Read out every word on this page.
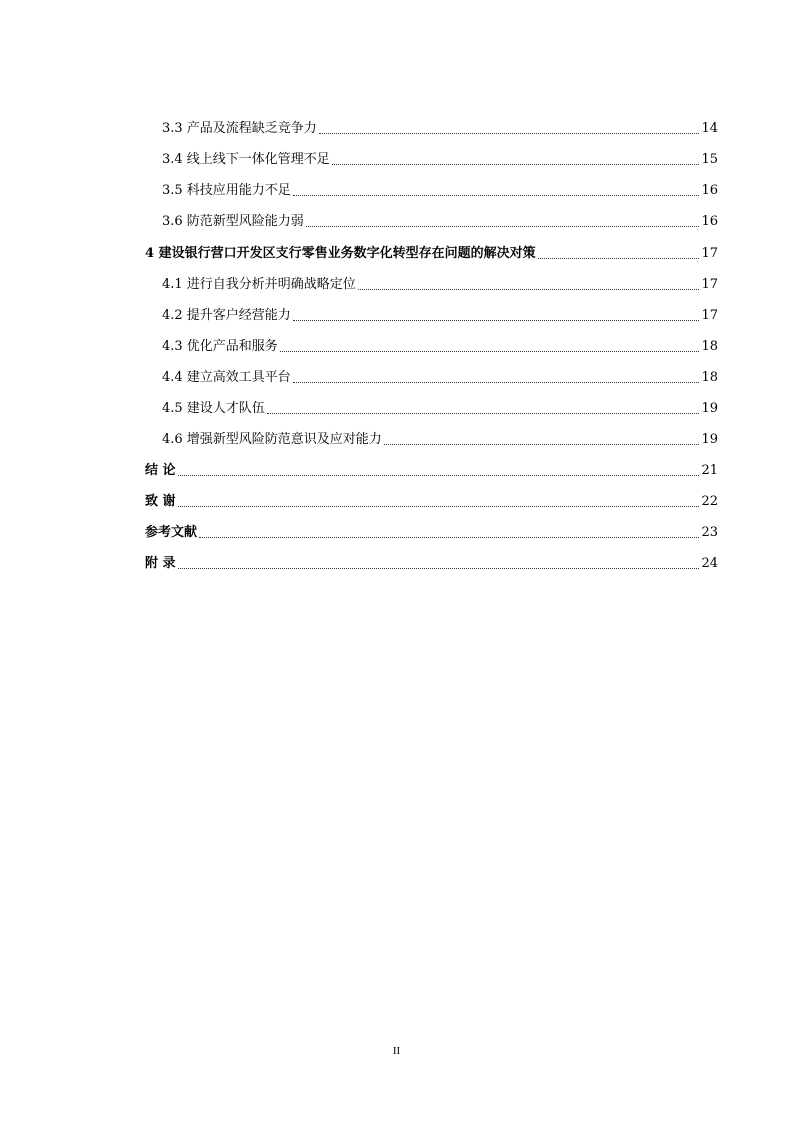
3.3 产品及流程缺乏竞争力	14
3.4 线上线下一体化管理不足	15
3.5 科技应用能力不足	16
3.6 防范新型风险能力弱	16
4 建设银行营口开发区支行零售业务数字化转型存在问题的解决对策	17
4.1 进行自我分析并明确战略定位	17
4.2 提升客户经营能力	17
4.3 优化产品和服务	18
4.4 建立高效工具平台	18
4.5 建设人才队伍	19
4.6 增强新型风险防范意识及应对能力	19
结 论	21
致 谢	22
参考文献	23
附 录	24
II
